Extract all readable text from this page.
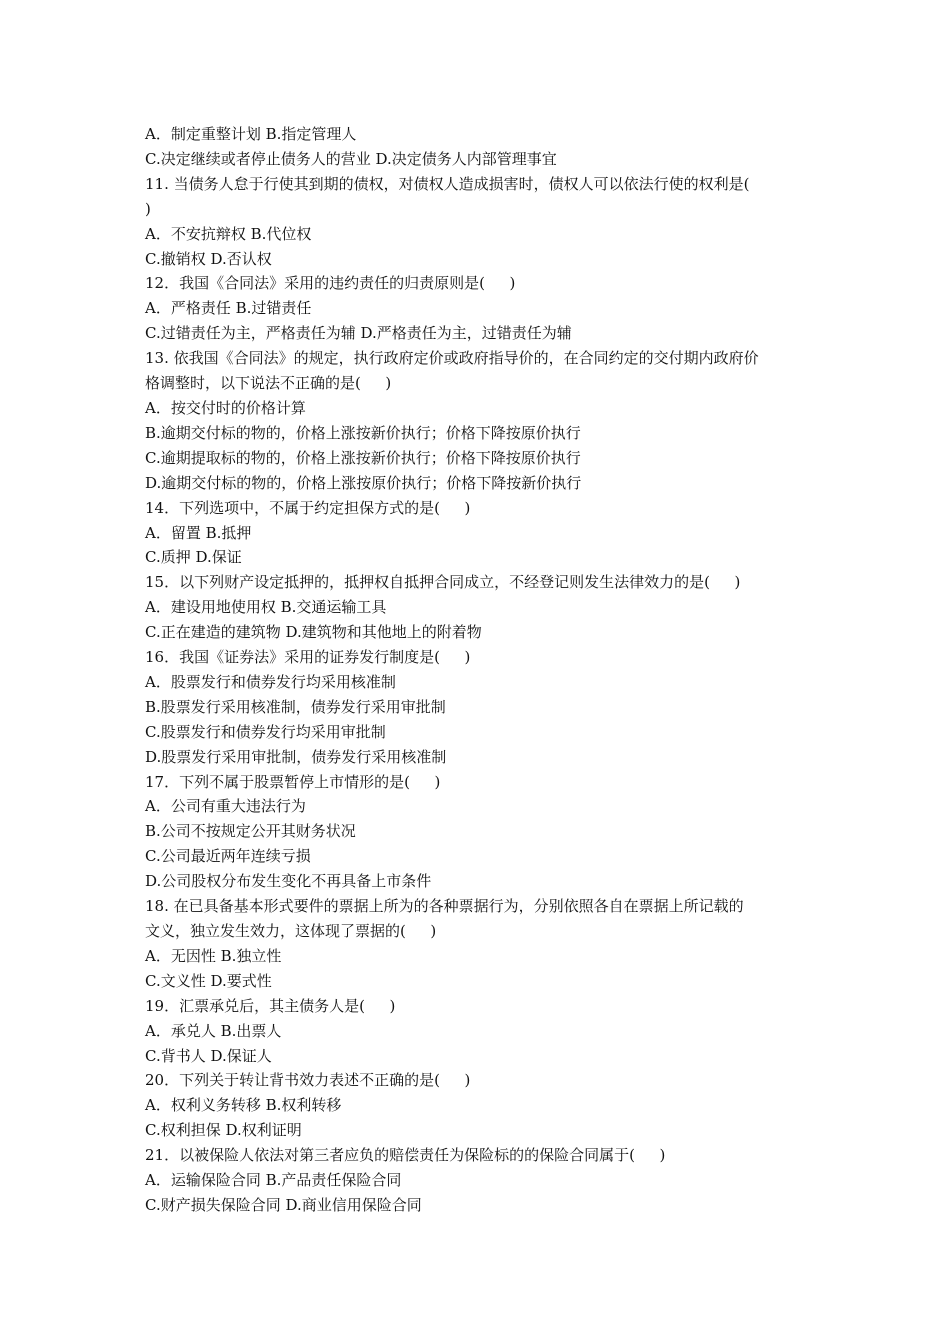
A．制定重整计划 B.指定管理人
C.决定继续或者停止债务人的营业 D.决定债务人内部管理事宜
11. 当债务人怠于行使其到期的债权，对债权人造成损害时，债权人可以依法行使的权利是(
)
A．不安抗辩权 B.代位权
C.撤销权 D.否认权
12．我国《合同法》采用的违约责任的归责原则是(　  )
A．严格责任 B.过错责任
C.过错责任为主，严格责任为辅 D.严格责任为主，过错责任为辅
13. 依我国《合同法》的规定，执行政府定价或政府指导价的，在合同约定的交付期内政府价
格调整时，以下说法不正确的是(　  )
A．按交付时的价格计算
B.逾期交付标的物的，价格上涨按新价执行；价格下降按原价执行
C.逾期提取标的物的，价格上涨按新价执行；价格下降按原价执行
D.逾期交付标的物的，价格上涨按原价执行；价格下降按新价执行
14．下列选项中，不属于约定担保方式的是(　  )
A．留置 B.抵押
C.质押 D.保证
15．以下列财产设定抵押的，抵押权自抵押合同成立，不经登记则发生法律效力的是(　  )
A．建设用地使用权 B.交通运输工具
C.正在建造的建筑物 D.建筑物和其他地上的附着物
16．我国《证券法》采用的证券发行制度是(　  )
A．股票发行和债券发行均采用核准制
B.股票发行采用核准制，债券发行采用审批制
C.股票发行和债券发行均采用审批制
D.股票发行采用审批制，债券发行采用核准制
17．下列不属于股票暂停上市情形的是(　  )
A．公司有重大违法行为
B.公司不按规定公开其财务状况
C.公司最近两年连续亏损
D.公司股权分布发生变化不再具备上市条件
18. 在已具备基本形式要件的票据上所为的各种票据行为，分别依照各自在票据上所记载的
文义，独立发生效力，这体现了票据的(　  )
A．无因性 B.独立性
C.文义性 D.要式性
19．汇票承兑后，其主债务人是(　  )
A．承兑人 B.出票人
C.背书人 D.保证人
20．下列关于转让背书效力表述不正确的是(　  )
A．权利义务转移 B.权利转移
C.权利担保 D.权利证明
21．以被保险人依法对第三者应负的赔偿责任为保险标的的保险合同属于(　  )
A．运输保险合同 B.产品责任保险合同
C.财产损失保险合同 D.商业信用保险合同
